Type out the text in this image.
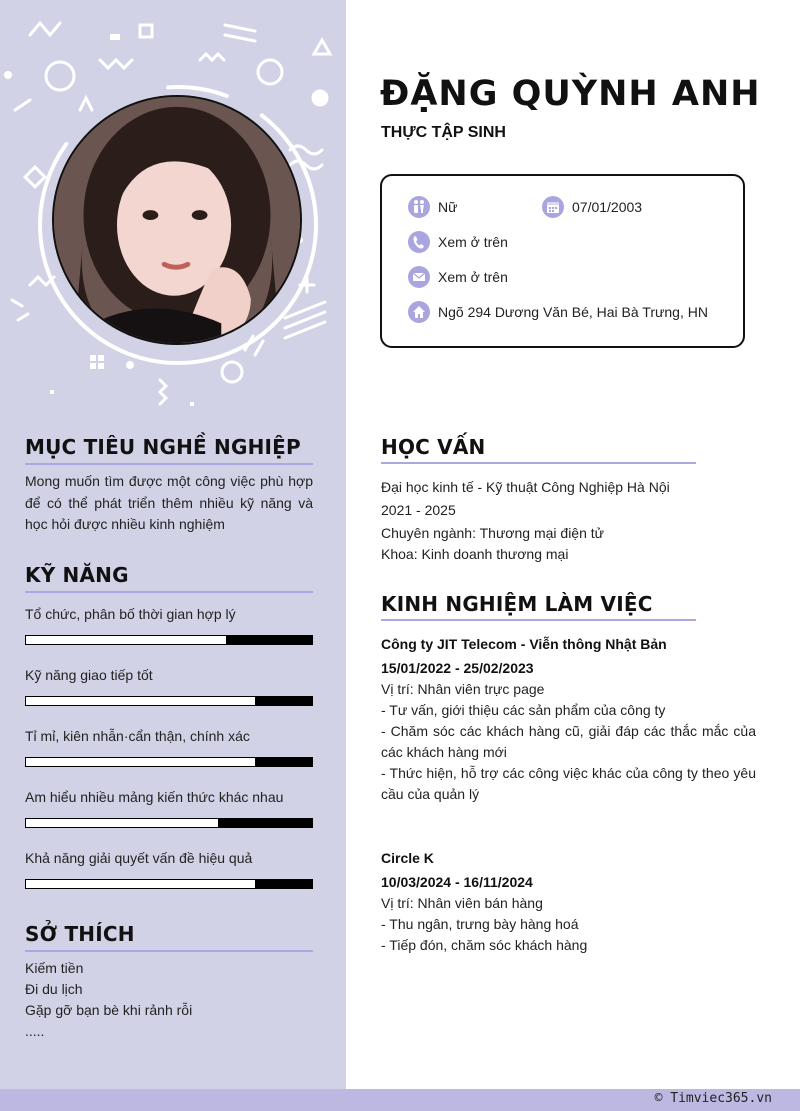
MỤC TIÊU NGHỀ NGHIỆP
Mong muốn tìm được một công việc phù hợp để có thể phát triển thêm nhiều kỹ năng và học hỏi được nhiều kinh nghiệm
KỸ NĂNG
Tổ chức, phân bố thời gian hợp lý
Kỹ năng giao tiếp tốt
Tỉ mỉ, kiên nhẫn·cẩn thận, chính xác
Am hiểu nhiều mảng kiến thức khác nhau
Khả năng giải quyết vấn đề hiệu quả
SỞ THÍCH
Kiếm tiền
Đi du lịch
Gặp gỡ bạn bè khi rảnh rỗi
.....
ĐẶNG QUỲNH ANH
THỰC TẬP SINH
Nữ	07/01/2003
Xem ở trên
Xem ở trên
Ngõ 294 Dương Văn Bé, Hai Bà Trưng, HN
HỌC VẤN
Đại học kinh tế - Kỹ thuật Công Nghiệp Hà Nội
2021 - 2025
Chuyên ngành: Thương mại điện tử
Khoa: Kinh doanh thương mại
KINH NGHIỆM LÀM VIỆC
Công ty JIT Telecom - Viễn thông Nhật Bản
15/01/2022 - 25/02/2023
Vị trí: Nhân viên trực page
- Tư vấn, giới thiệu các sản phẩm của công ty
- Chăm sóc các khách hàng cũ, giải đáp các thắc mắc của các khách hàng mới
- Thức hiện, hỗ trợ các công việc khác của công ty theo yêu cầu của quản lý
Circle K
10/03/2024 - 16/11/2024
Vị trí: Nhân viên bán hàng
- Thu ngân, trưng bày hàng hoá
- Tiếp đón, chăm sóc khách hàng
© Timviec365.vn
